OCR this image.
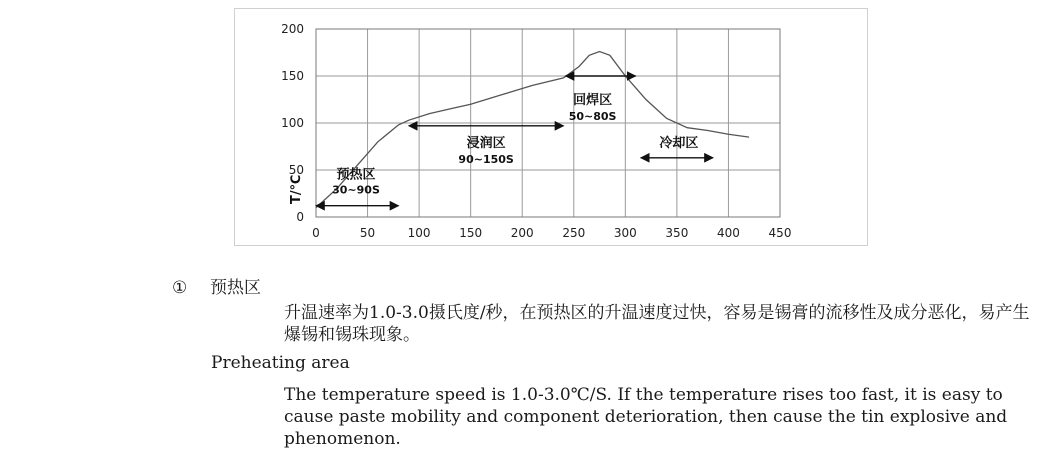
0	50	100 150 200 250 300 350 400 450
0
50
100
150
200
预热区
30~90S
浸润区
90~150S
回焊区
50~80S
冷却区
T/℃
① 预热区

升温速率为1.0-3.0摄氏度/秒，在预热区的升温速度过快，容易是锡膏的流移性及成分恶化，易产生爆锡和锡珠现象。

Preheating area

The temperature speed is 1.0-3.0℃/S. If the temperature rises too fast, it is easy to cause paste mobility and component deterioration, then cause the tin explosive and phenomenon.
